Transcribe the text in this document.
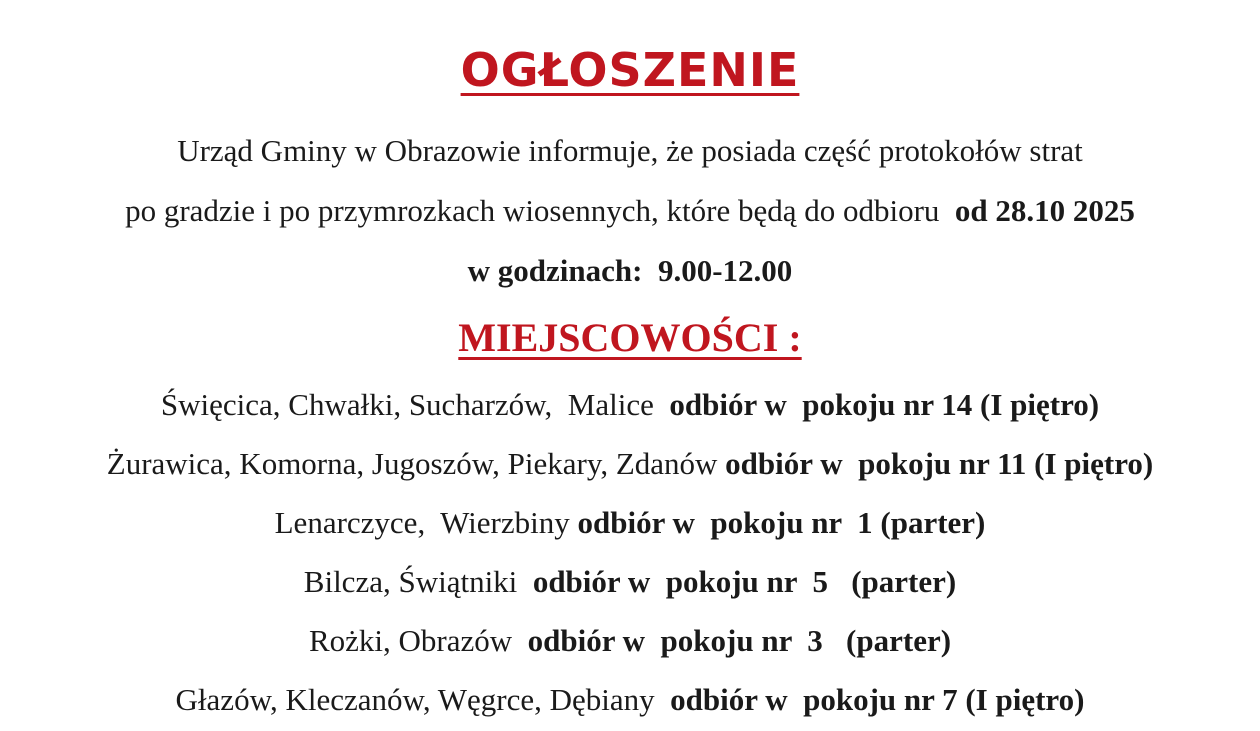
OGŁOSZENIE

Urząd Gminy w Obrazowie informuje, że posiada część protokołów strat

po gradzie i po przymrozkach wiosennych, które będą do odbioru  od 28.10 2025

w godzinach:  9.00-12.00

MIEJSCOWOŚCI :

Święcica, Chwałki, Sucharzów,  Malice  odbiór w  pokoju nr 14 (I piętro)

Żurawica, Komorna, Jugoszów, Piekary, Zdanów odbiór w  pokoju nr 11 (I piętro)

Lenarczyce,  Wierzbiny odbiór w  pokoju nr  1 (parter)

Bilcza, Świątniki  odbiór w  pokoju nr  5   (parter)

Rożki, Obrazów  odbiór w  pokoju nr  3   (parter)

Głazów, Kleczanów, Węgrce, Dębiany  odbiór w  pokoju nr 7 (I piętro)
